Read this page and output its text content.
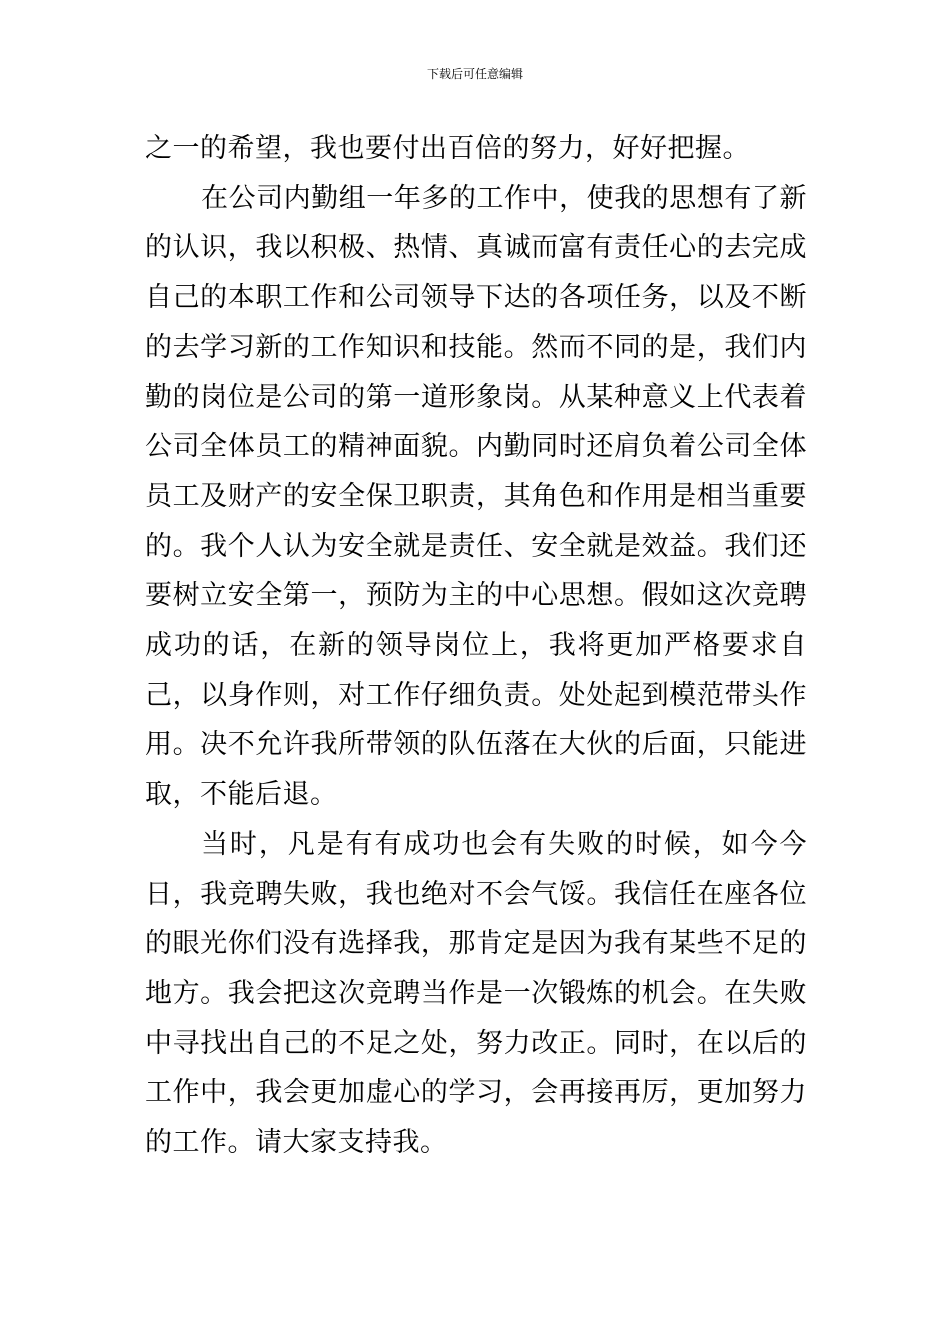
下载后可任意编辑

之一的希望，我也要付出百倍的努力，好好把握。

在公司内勤组一年多的工作中，使我的思想有了新的认识，我以积极、热情、真诚而富有责任心的去完成自己的本职工作和公司领导下达的各项任务，以及不断的去学习新的工作知识和技能。然而不同的是，我们内勤的岗位是公司的第一道形象岗。从某种意义上代表着公司全体员工的精神面貌。内勤同时还肩负着公司全体员工及财产的安全保卫职责，其角色和作用是相当重要的。我个人认为安全就是责任、安全就是效益。我们还要树立安全第一，预防为主的中心思想。假如这次竞聘成功的话，在新的领导岗位上，我将更加严格要求自己，以身作则，对工作仔细负责。处处起到模范带头作用。决不允许我所带领的队伍落在大伙的后面，只能进取，不能后退。

当时，凡是有有成功也会有失败的时候，如今今日，我竞聘失败，我也绝对不会气馁。我信任在座各位的眼光你们没有选择我，那肯定是因为我有某些不足的地方。我会把这次竞聘当作是一次锻炼的机会。在失败中寻找出自己的不足之处，努力改正。同时，在以后的工作中，我会更加虚心的学习，会再接再厉，更加努力的工作。请大家支持我。
